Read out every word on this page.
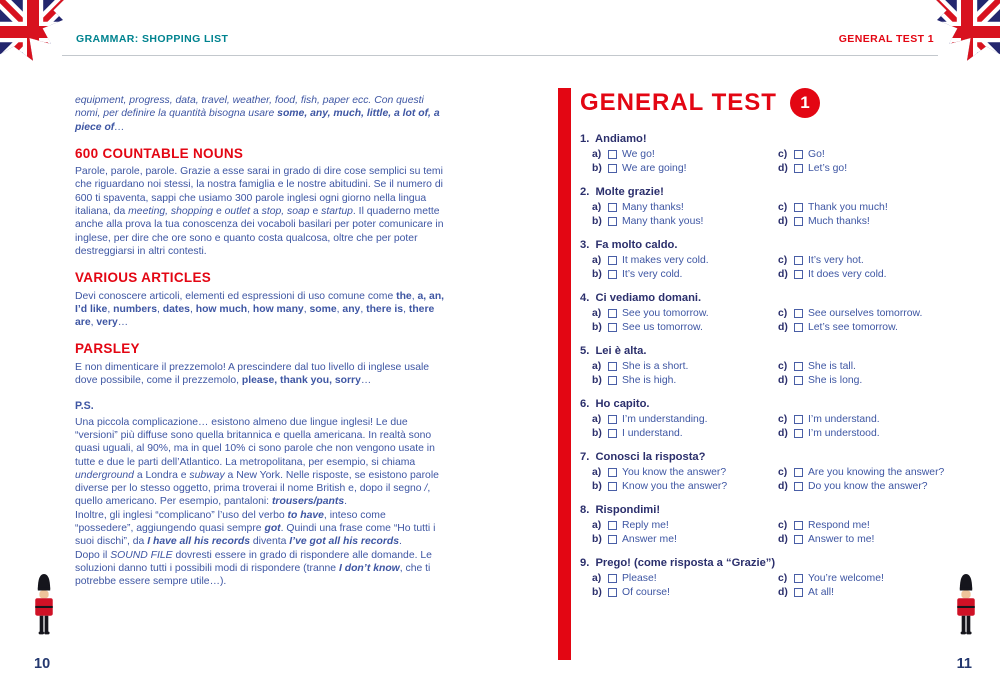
GRAMMAR: SHOPPING LIST	GENERAL TEST 1

equipment, progress, data, travel, weather, food, fish, paper ecc. Con questi nomi, per definire la quantità bisogna usare some, any, much, little, a lot of, a piece of…

600 COUNTABLE NOUNS

Parole, parole, parole. Grazie a esse sarai in grado di dire cose semplici su temi che riguardano noi stessi, la nostra famiglia e le nostre abitudini. Se il numero di 600 ti spaventa, sappi che usiamo 300 parole inglesi ogni giorno nella lingua italiana, da meeting, shopping e outlet a stop, soap e startup. Il quaderno mette anche alla prova la tua conoscenza dei vocaboli basilari per poter comunicare in inglese, per dire che ore sono e quanto costa qualcosa, oltre che per poter destreggiarsi in altri contesti.

VARIOUS ARTICLES

Devi conoscere articoli, elementi ed espressioni di uso comune come the, a, an, I’d like, numbers, dates, how much, how many, some, any, there is, there are, very…

PARSLEY

E non dimenticare il prezzemolo! A prescindere dal tuo livello di inglese usale dove possibile, come il prezzemolo, please, thank you, sorry…

P.S.

Una piccola complicazione… esistono almeno due lingue inglesi! Le due “versioni” più diffuse sono quella britannica e quella americana. In realtà sono quasi uguali, al 90%, ma in quel 10% ci sono parole che non vengono usate in tutte e due le parti dell’Atlantico. La metropolitana, per esempio, si chiama underground a Londra e subway a New York. Nelle risposte, se esistono parole diverse per lo stesso oggetto, prima troverai il nome British e, dopo il segno /, quello americano. Per esempio, pantaloni: trousers/pants.

Inoltre, gli inglesi “complicano” l’uso del verbo to have, inteso come “possedere”, aggiungendo quasi sempre got. Quindi una frase come “Ho tutti i suoi dischi”, da I have all his records diventa I’ve got all his records.

Dopo il SOUND FILE dovresti essere in grado di rispondere alle domande. Le soluzioni danno tutti i possibili modi di rispondere (tranne I don’t know, che ti potrebbe essere sempre utile…).

GENERAL TEST	1
1. Andiamo!
a)	We go!	c)	Go!
b)	We are going!	d)	Let’s go!
2. Molte grazie!
a)	Many thanks!	c)	Thank you much!
b)	Many thank yous!	d)	Much thanks!
3. Fa molto caldo.
a)	It makes very cold.	c)	It’s very hot.
b)	It’s very cold.	d)	It does very cold.
4. Ci vediamo domani.
a)	See you tomorrow.	c)	See ourselves tomorrow.
b)	See us tomorrow.	d)	Let’s see tomorrow.
5. Lei è alta.
a)	She is a short.	c)	She is tall.
b)	She is high.	d)	She is long.
6. Ho capito.
a)	I’m understanding.	c)	I’m understand.
b)	I understand.	d)	I’m understood.
7. Conosci la risposta?
a)	You know the answer?	c)	Are you knowing the answer?
b)	Know you the answer?	d)	Do you know the answer?
8. Rispondimi!
a)	Reply me!	c)	Respond me!
b)	Answer me!	d)	Answer to me!
9. Prego! (come risposta a “Grazie”)
a)	Please!	c)	You’re welcome!
b)	Of course!	d)	At all!
10	11
